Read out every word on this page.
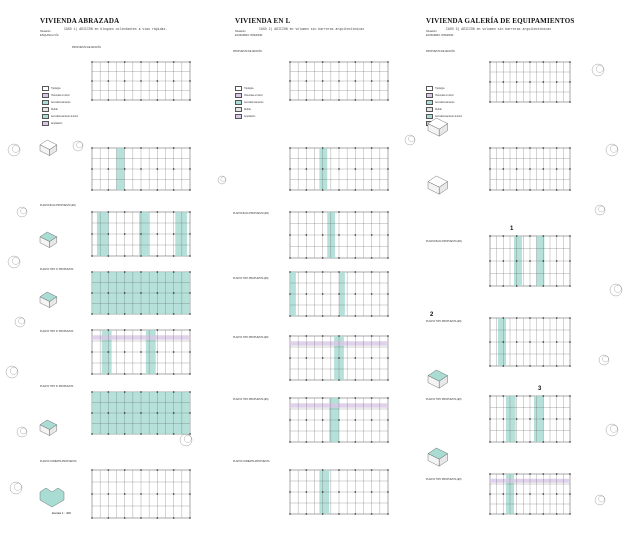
VIVIENDA ABRAZADA
CASO 1) ADICIÓN en bloques colindantes a vías rápidas.
Situación
ESQUINA A VÍA
PROPUESTA DE ADICIÓN
Tipología
Viviendas a Incluir
Acondicionamiento
Rehab.
Acondicionamiento Interior
Ampliación
PLANTA BAJA PROPUESTA (E5)
PLANTA TIPO 1ª PROPUESTA
PLANTA TIPO 2ª PROPUESTA
PLANTA TIPO 3ª PROPUESTA
PLANTA CUBIERTA PROPUESTA
Escala 1 : 400
VIVIENDA EN L
CASO 2) ADICIÓN en volumen sin barreras arquitectónicas
Situación
EN BARRIO INTERIOR
PROPUESTA DE ADICIÓN
Tipología
Viviendas a Incluir
Acondicionamiento
Rehab.
Ampliación
PLANTA BAJA PROPUESTA (E5)
PLANTA TIPO PROPUESTA (E5)
PLANTA TIPO PROPUESTA (E5)
PLANTA TIPO PROPUESTA (E5)
PLANTA CUBIERTA PROPUESTA
VIVIENDA GALERÍA DE EQUIPAMIENTOS
CASO 3) ADICIÓN en volumen sin barreras arquitectónicas
Situación
EN BARRIO INTERIOR
PROPUESTA DE ADICIÓN
Tipología
Viviendas a Incluir
Acondicionamiento
Rehab.
Acondicionamiento Interior
PLANTA BAJA PROPUESTA (E5)
PLANTA TIPO PROPUESTA (E5)
PLANTA TIPO PROPUESTA (E5)
PLANTA TIPO PROPUESTA (E5)
1
2
3
